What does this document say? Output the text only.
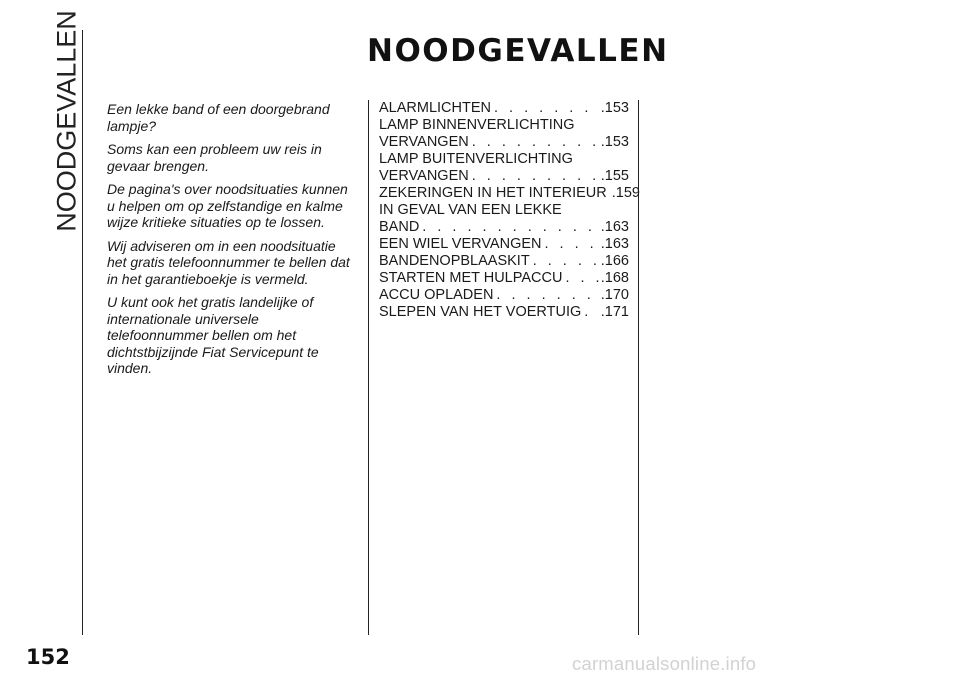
NOODGEVALLEN	NOODGEVALLEN

Een lekke band of een doorgebrand lampje?

Soms kan een probleem uw reis in gevaar brengen.

De pagina's over noodsituaties kunnen u helpen om op zelfstandige en kalme wijze kritieke situaties op te lossen.

Wij adviseren om in een noodsituatie het gratis telefoonnummer te bellen dat in het garantieboekje is vermeld.

U kunt ook het gratis landelijke of internationale universele telefoonnummer bellen om het dichtstbijzijnde Fiat Servicepunt te vinden.

ALARMLICHTEN . . .	.153
LAMP BINNENVERLICHTING
VERVANGEN . . .	.153
LAMP BUITENVERLICHTING
VERVANGEN . . .	.155
ZEKERINGEN IN HET INTERIEUR .159
IN GEVAL VAN EEN LEKKE
BAND . . .	.163
EEN WIEL VERVANGEN . . .	.163
BANDENOPBLAASKIT . . .	.166
STARTEN MET HULPACCU . . .	.168
ACCU OPLADEN . . .	.170
SLEPEN VAN HET VOERTUIG . . . .171
152	carmanualsonline.info
